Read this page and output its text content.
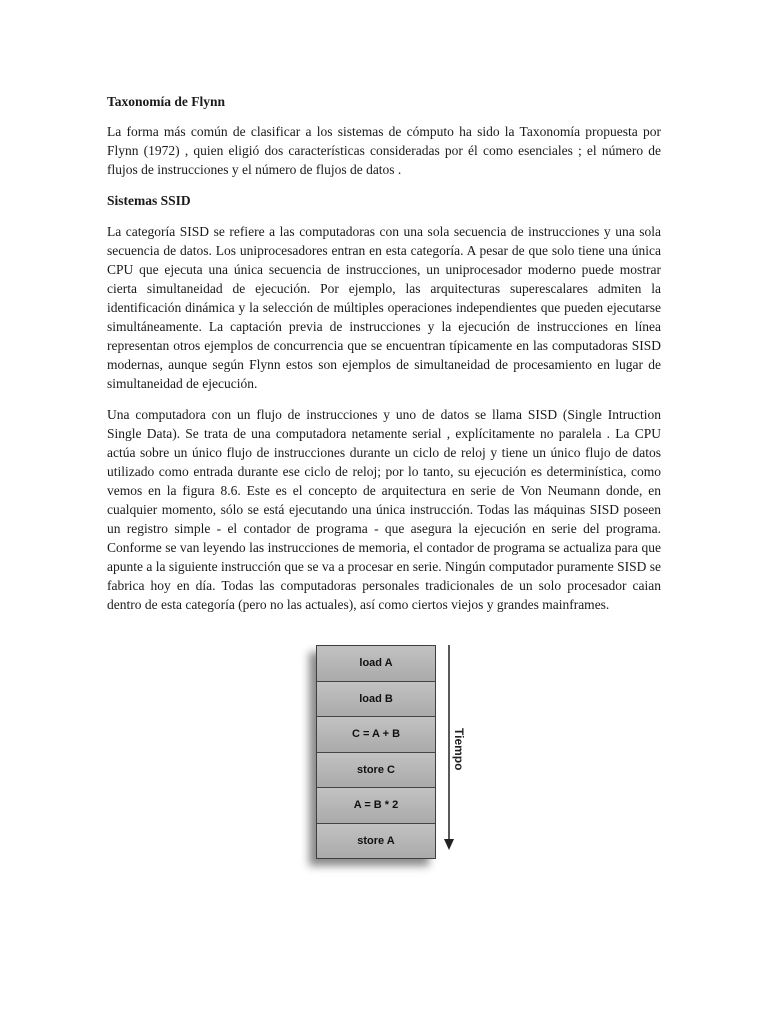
Taxonomía de Flynn

La forma más común de clasificar a los sistemas de cómputo ha sido la Taxonomía propuesta por Flynn (1972) , quien eligió dos características consideradas por él como esenciales ; el número de flujos de instrucciones y el número de flujos de datos .

Sistemas SSID

La categoría SISD se refiere a las computadoras con una sola secuencia de instrucciones y una sola secuencia de datos. Los uniprocesadores entran en esta categoría. A pesar de que solo tiene una única CPU que ejecuta una única secuencia de instrucciones, un uniprocesador moderno puede mostrar cierta simultaneidad de ejecución. Por ejemplo, las arquitecturas superescalares admiten la identificación dinámica y la selección de múltiples operaciones independientes que pueden ejecutarse simultáneamente. La captación previa de instrucciones y la ejecución de instrucciones en línea representan otros ejemplos de concurrencia que se encuentran típicamente en las computadoras SISD modernas, aunque según Flynn estos son ejemplos de simultaneidad de procesamiento en lugar de simultaneidad de ejecución.

Una computadora con un flujo de instrucciones y uno de datos se llama SISD (Single Intruction Single Data). Se trata de una computadora netamente serial , explícitamente no paralela . La CPU actúa sobre un único flujo de instrucciones durante un ciclo de reloj y tiene un único flujo de datos utilizado como entrada durante ese ciclo de reloj; por lo tanto, su ejecución es determinística, como vemos en la figura 8.6. Este es el concepto de arquitectura en serie de Von Neumann donde, en cualquier momento, sólo se está ejecutando una única instrucción. Todas las máquinas SISD poseen un registro simple - el contador de programa - que asegura la ejecución en serie del programa. Conforme se van leyendo las instrucciones de memoria, el contador de programa se actualiza para que apunte a la siguiente instrucción que se va a procesar en serie. Ningún computador puramente SISD se fabrica hoy en día. Todas las computadoras personales tradicionales de un solo procesador caian dentro de esta categoría (pero no las actuales), así como ciertos viejos y grandes mainframes.

load A
load B
C = A + B
store C
A = B * 2
store A
Tiempo
